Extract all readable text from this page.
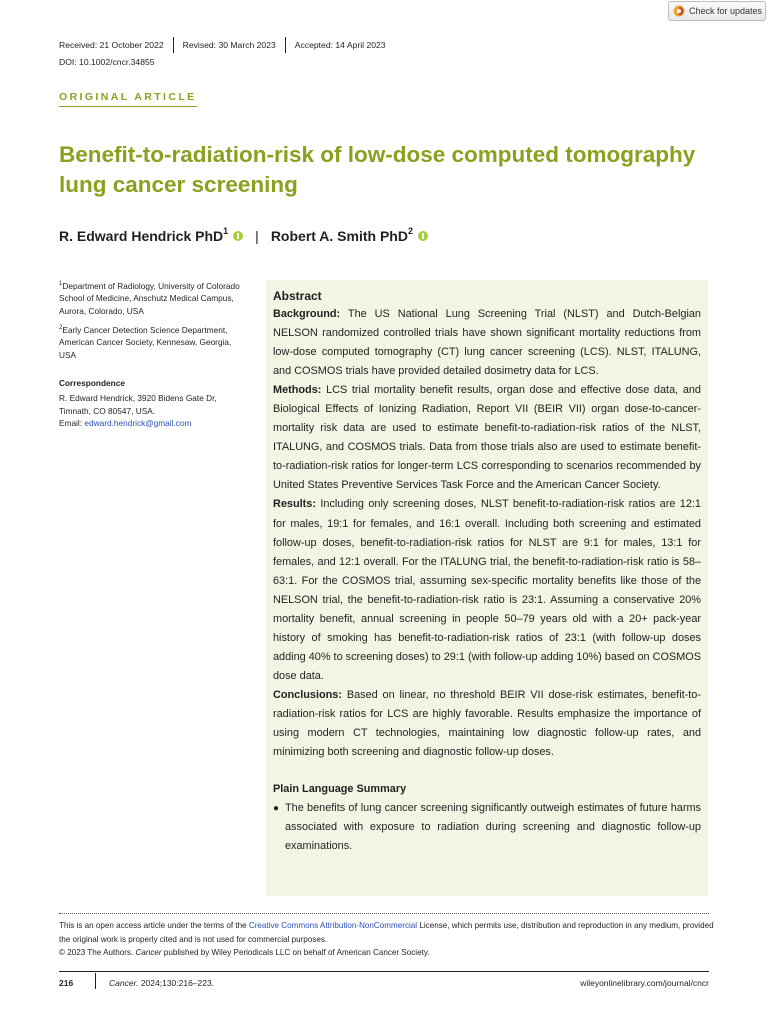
Check for updates
Received: 21 October 2022 Revised: 30 March 2023 Accepted: 14 April 2023
DOI: 10.1002/cncr.34855
ORIGINAL ARTICLE
Benefit-to-radiation-risk of low-dose computed tomography lung cancer screening
R. Edward Hendrick PhD$^1$ | Robert A. Smith PhD$^2$
$^1$Department of Radiology, University of Colorado School of Medicine, Anschutz Medical Campus, Aurora, Colorado, USA
$^2$Early Cancer Detection Science Department, American Cancer Society, Kennesaw, Georgia, USA
Correspondence
R. Edward Hendrick, 3920 Bidens Gate Dr,
Timnath, CO 80547, USA.
Email: edward.hendrick@gmail.com
Abstract
Background: The US National Lung Screening Trial (NLST) and Dutch-Belgian NELSON randomized controlled trials have shown significant mortality reductions from low-dose computed tomography (CT) lung cancer screening (LCS). NLST, ITALUNG, and COSMOS trials have provided detailed dosimetry data for LCS.
Methods: LCS trial mortality benefit results, organ dose and effective dose data, and Biological Effects of Ionizing Radiation, Report VII (BEIR VII) organ dose-to-cancer-mortality risk data are used to estimate benefit-to-radiation-risk ratios of the NLST, ITALUNG, and COSMOS trials. Data from those trials also are used to estimate benefit-to-radiation-risk ratios for longer-term LCS corresponding to scenarios recommended by United States Preventive Services Task Force and the American Cancer Society.
Results: Including only screening doses, NLST benefit-to-radiation-risk ratios are 12:1 for males, 19:1 for females, and 16:1 overall. Including both screening and estimated follow-up doses, benefit-to-radiation-risk ratios for NLST are 9:1 for males, 13:1 for females, and 12:1 overall. For the ITALUNG trial, the benefit-to-radiation-risk ratio is 58–63:1. For the COSMOS trial, assuming sex-specific mortality benefits like those of the NELSON trial, the benefit-to-radiation-risk ratio is 23:1. Assuming a conservative 20% mortality benefit, annual screening in people 50–79 years old with a 20+ pack-year history of smoking has benefit-to-radiation-risk ratios of 23:1 (with follow-up doses adding 40% to screening doses) to 29:1 (with follow-up adding 10%) based on COSMOS dose data.
Conclusions: Based on linear, no threshold BEIR VII dose-risk estimates, benefit-to-radiation-risk ratios for LCS are highly favorable. Results emphasize the importance of using modern CT technologies, maintaining low diagnostic follow-up rates, and minimizing both screening and diagnostic follow-up doses.
Plain Language Summary
● The benefits of lung cancer screening significantly outweigh estimates of future harms associated with exposure to radiation during screening and diagnostic follow-up examinations.
This is an open access article under the terms of the Creative Commons Attribution-NonCommercial License, which permits use, distribution and reproduction in any medium, provided the original work is properly cited and is not used for commercial purposes.
© 2023 The Authors. Cancer published by Wiley Periodicals LLC on behalf of American Cancer Society.
216	Cancer. 2024;130:216–223.	wileyonlinelibrary.com/journal/cncr
